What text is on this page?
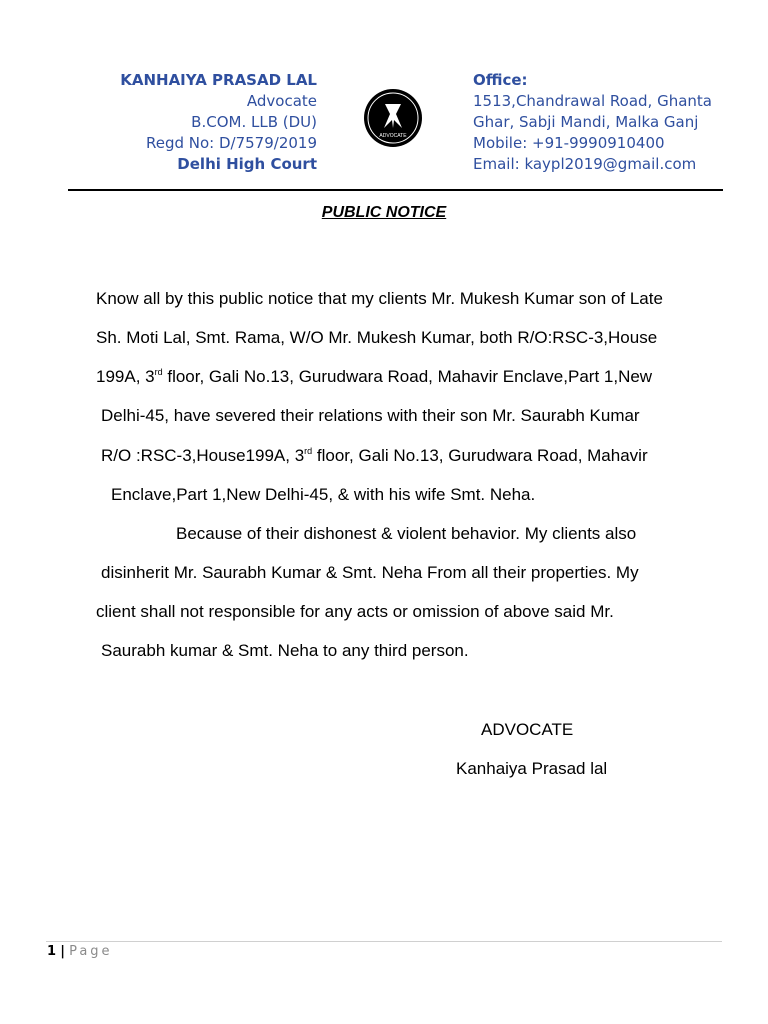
KANHAIYA PRASAD LAL
Advocate
B.COM. LLB (DU)
Regd No: D/7579/2019
Delhi High Court
ADVOCATE
Office:
1513,Chandrawal Road, Ghanta
Ghar, Sabji Mandi, Malka Ganj
Mobile: +91-9990910400
Email: kaypl2019@gmail.com
PUBLIC NOTICE
Know all by this public notice that my clients Mr. Mukesh Kumar son of Late
Sh. Moti Lal, Smt. Rama, W/O Mr. Mukesh Kumar, both R/O:RSC-3,House
199A, 3rd floor, Gali No.13, Gurudwara Road, Mahavir Enclave,Part 1,New
Delhi-45, have severed their relations with their son Mr. Saurabh Kumar
R/O :RSC-3,House199A, 3rd floor, Gali No.13, Gurudwara Road, Mahavir
Enclave,Part 1,New Delhi-45, & with his wife Smt. Neha.
Because of their dishonest & violent behavior. My clients also
disinherit Mr. Saurabh Kumar & Smt. Neha From all their properties. My
client shall not responsible for any acts or omission of above said Mr.
Saurabh kumar & Smt. Neha to any third person.
ADVOCATE
Kanhaiya Prasad lal
1 | Page
